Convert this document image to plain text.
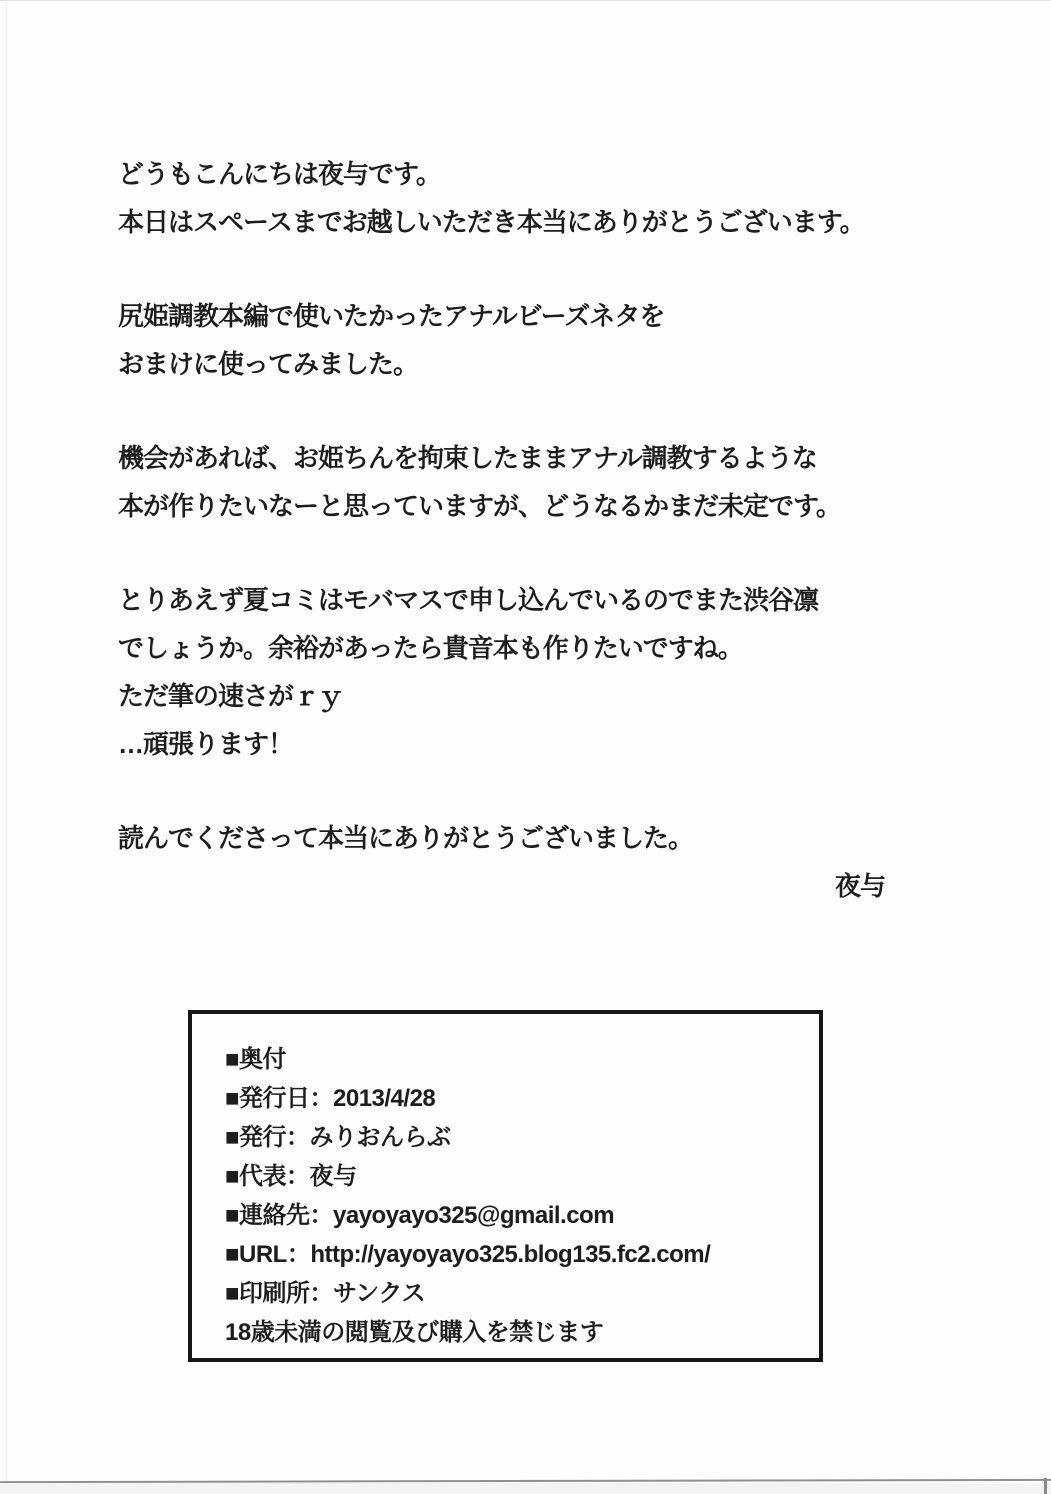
どうもこんにちは夜与です。
本日はスペースまでお越しいただき本当にありがとうございます。
尻姫調教本編で使いたかったアナルビーズネタを
おまけに使ってみました。
機会があれば、お姫ちんを拘束したままアナル調教するような
本が作りたいなーと思っていますが、どうなるかまだ未定です。
とりあえず夏コミはモバマスで申し込んでいるのでまた渋谷凛
でしょうか。余裕があったら貴音本も作りたいですね。
ただ筆の速さがｒｙ
…頑張ります！
読んでくださって本当にありがとうございました。
夜与
■奥付
■発行日：2013/4/28
■発行：みりおんらぶ
■代表：夜与
■連絡先：yayoyayo325@gmail.com
■URL：http://yayoyayo325.blog135.fc2.com/
■印刷所：サンクス
18歳未満の閲覧及び購入を禁じます
